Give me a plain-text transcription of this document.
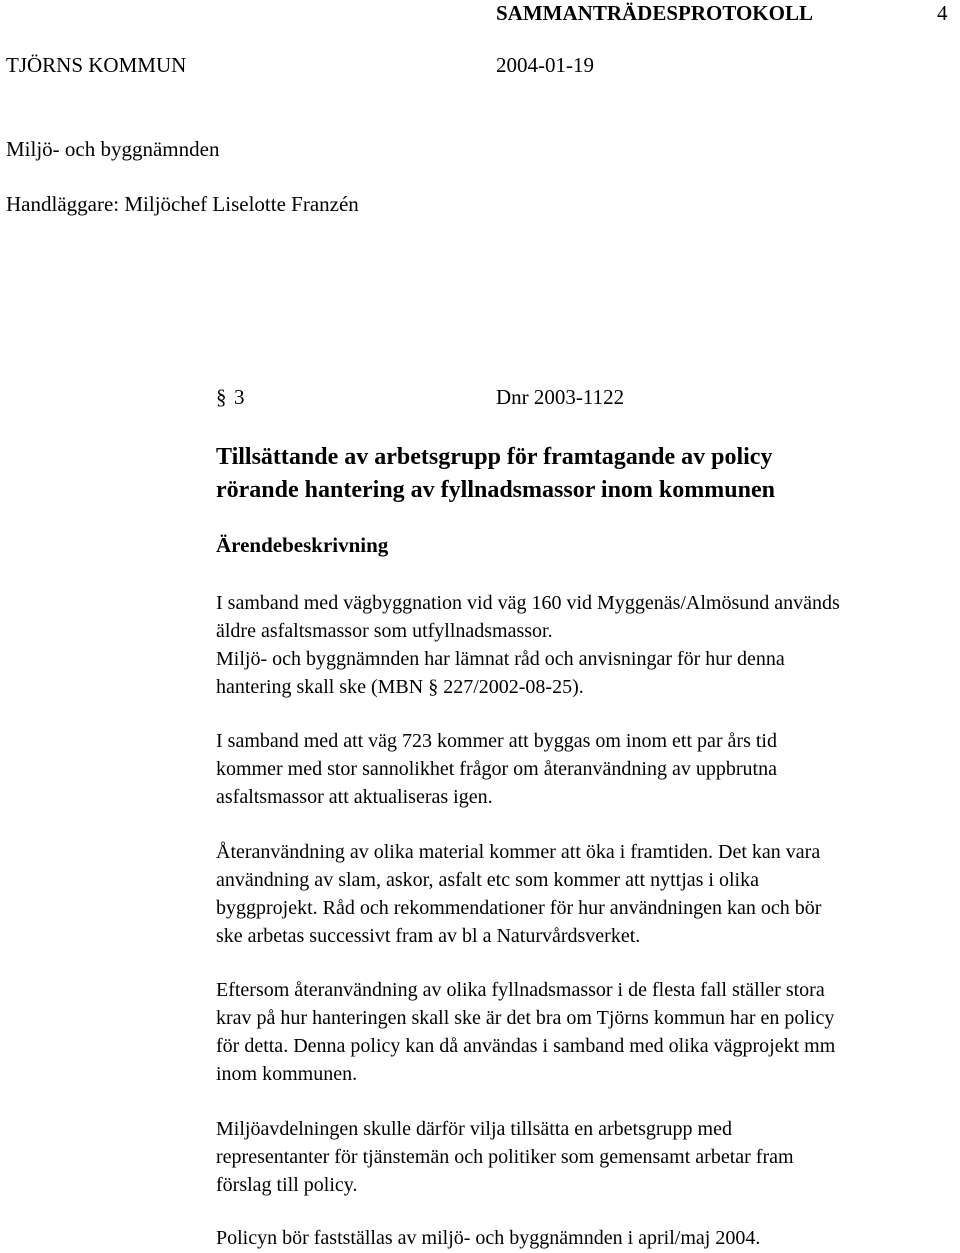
SAMMANTRÄDESPROTOKOLL	4
TJÖRNS KOMMUN	2004-01-19
Miljö- och byggnämnden
Handläggare: Miljöchef Liselotte Franzén
§ 3	Dnr 2003-1122
Tillsättande av arbetsgrupp för framtagande av policy
rörande hantering av fyllnadsmassor inom kommunen
Ärendebeskrivning
I samband med vägbyggnation vid väg 160 vid Myggenäs/Almösund används
äldre asfaltsmassor som utfyllnadsmassor.
Miljö- och byggnämnden har lämnat råd och anvisningar för hur denna
hantering skall ske (MBN § 227/2002-08-25).
I samband med att väg 723 kommer att byggas om inom ett par års tid
kommer med stor sannolikhet frågor om återanvändning av uppbrutna
asfaltsmassor att aktualiseras igen.
Återanvändning av olika material kommer att öka i framtiden. Det kan vara
användning av slam, askor, asfalt etc som kommer att nyttjas i olika
byggprojekt. Råd och rekommendationer för hur användningen kan och bör
ske arbetas successivt fram av bl a Naturvårdsverket.
Eftersom återanvändning av olika fyllnadsmassor i de flesta fall ställer stora
krav på hur hanteringen skall ske är det bra om Tjörns kommun har en policy
för detta. Denna policy kan då användas i samband med olika vägprojekt mm
inom kommunen.
Miljöavdelningen skulle därför vilja tillsätta en arbetsgrupp med
representanter för tjänstemän och politiker som gemensamt arbetar fram
förslag till policy.
Policyn bör fastställas av miljö- och byggnämnden i april/maj 2004.
